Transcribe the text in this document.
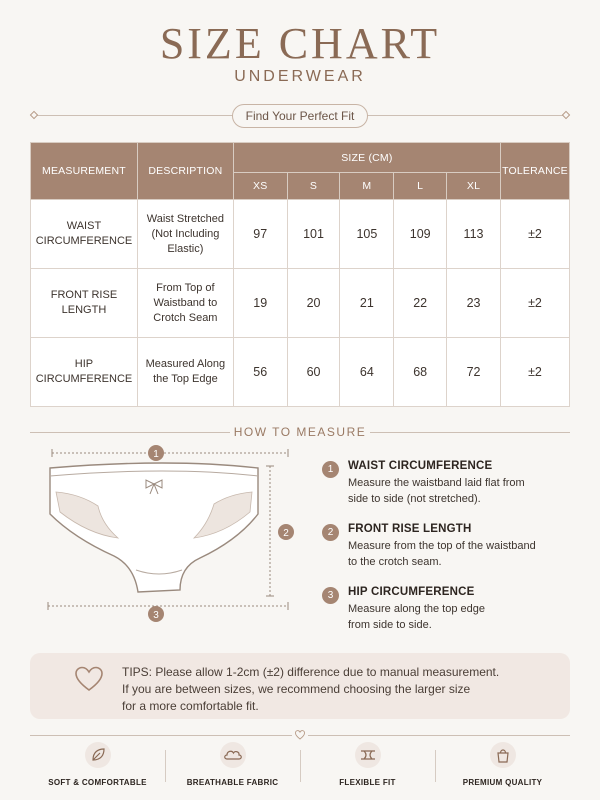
SIZE CHART
UNDERWEAR
Find Your Perfect Fit
MEASUREMENT	DESCRIPTION	SIZE (CM)					TOLERANCE
		XS	S	M	L	XL	
WAIST
CIRCUMFERENCE	Waist Stretched
(Not Including
Elastic)	97	101	105	109	113	±2
FRONT RISE
LENGTH	From Top of
Waistband to
Crotch Seam	19	20	21	22	23	±2
HIP
CIRCUMFERENCE	Measured Along
the Top Edge	56	60	64	68	72	±2
HOW TO MEASURE
1
2
3
1	WAIST CIRCUMFERENCE
Measure the waistband laid flat from
side to side (not stretched).
2	FRONT RISE LENGTH
Measure from the top of the waistband
to the crotch seam.
3	HIP CIRCUMFERENCE
Measure along the top edge
from side to side.
TIPS: Please allow 1-2cm (±2) difference due to manual measurement.
If you are between sizes, we recommend choosing the larger size
for a more comfortable fit.
SOFT & COMFORTABLE	BREATHABLE FABRIC	FLEXIBLE FIT	PREMIUM QUALITY
